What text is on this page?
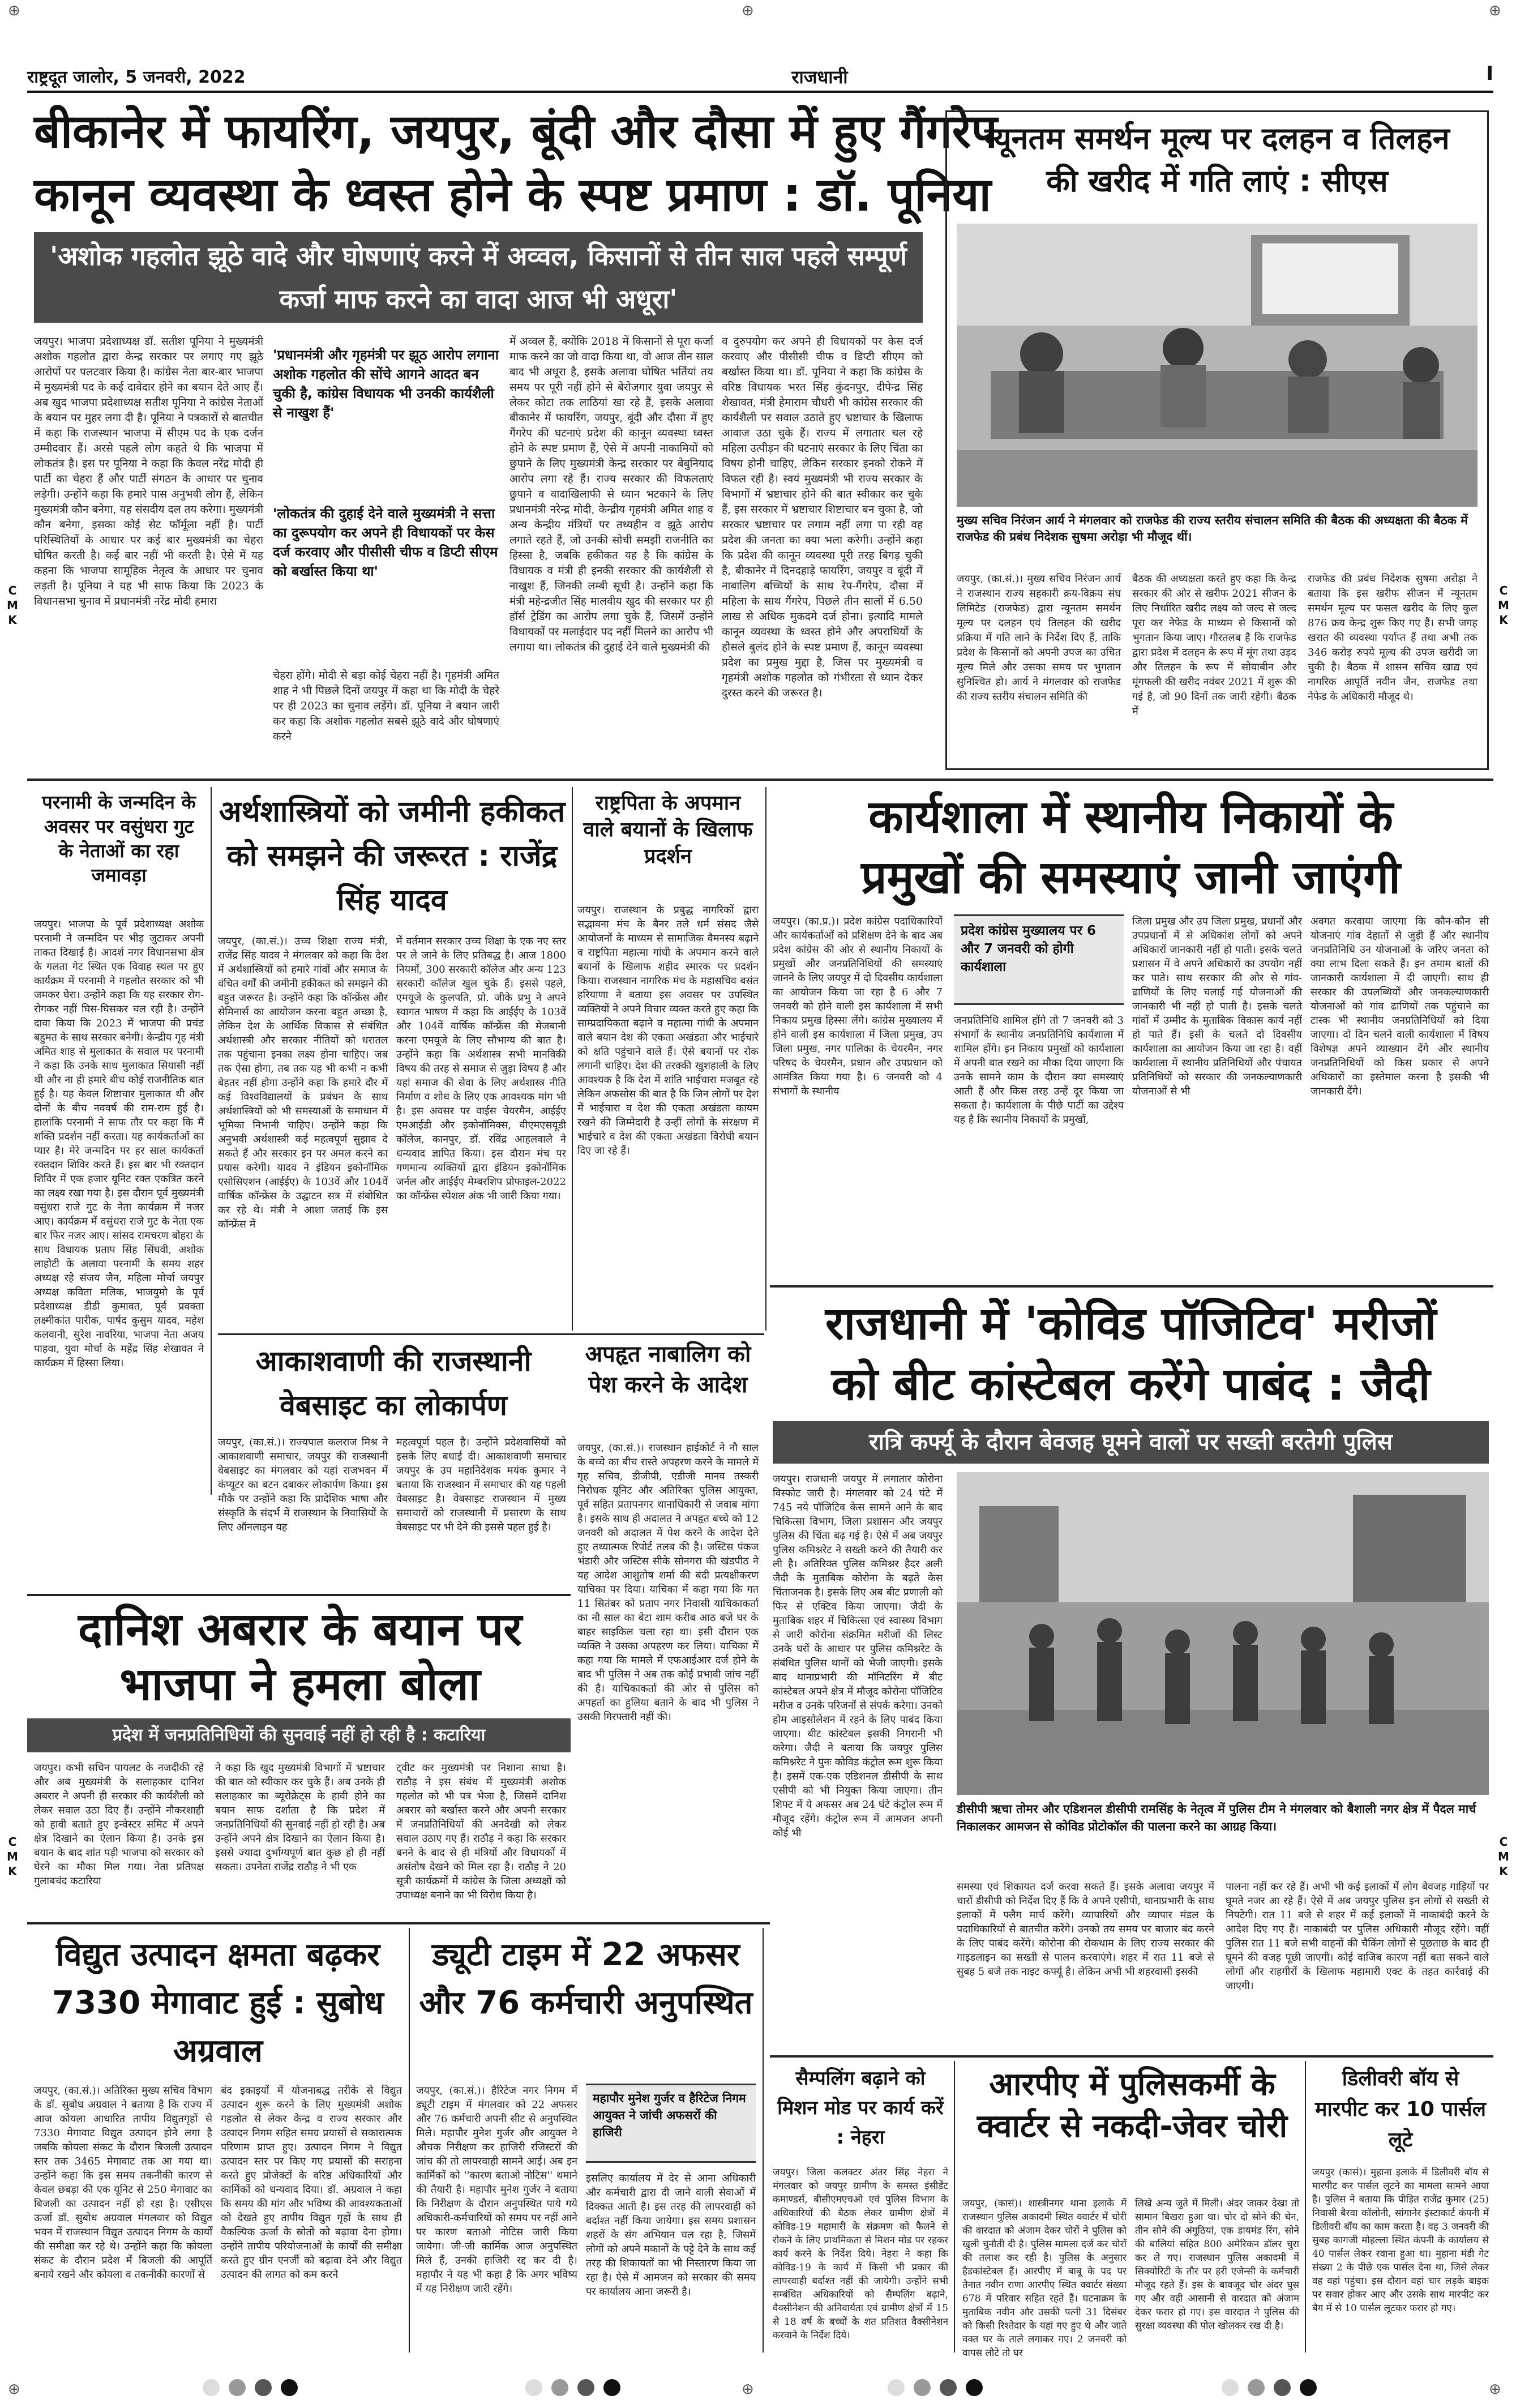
⊕	⊕	⊕
⊕	⊕	⊕
C
M
K
C
M
K
C
M
K
C
M
K
राष्ट्रदूत जालोर, 5 जनवरी, 2022	राजधानी	I
बीकानेर में फायरिंग, जयपुर, बूंदी और दौसा में हुए गैंगरेप
कानून व्यवस्था के ध्वस्त होने के स्पष्ट प्रमाण : डॉ. पूनिया
'अशोक गहलोत झूठे वादे और घोषणाएं करने में अव्वल, किसानों से तीन साल पहले सम्पूर्ण कर्जा माफ करने का वादा आज भी अधूरा'
जयपुर। भाजपा प्रदेशाध्यक्ष डॉ. सतीश पूनिया ने मुख्यमंत्री अशोक गहलोत द्वारा केन्द्र सरकार पर लगाए गए झूठे आरोपों पर पलटवार किया है। कांग्रेस नेता बार-बार भाजपा में मुख्यमंत्री पद के कई दावेदार होने का बयान देते आए हैं। अब खुद भाजपा प्रदेशाध्यक्ष सतीश पूनिया ने कांग्रेस नेताओं के बयान पर मुहर लगा दी है। पूनिया ने पत्रकारों से बातचीत में कहा कि राजस्थान भाजपा में सीएम पद के एक दर्जन उम्मीदवार हैं। अरसे पहले लोग कहते थे कि भाजपा में लोकतंत्र है। इस पर पूनिया ने कहा कि केवल नरेंद्र मोदी ही पार्टी का चेहरा हैं और पार्टी संगठन के आधार पर चुनाव लड़ेगी। उन्होंने कहा कि हमारे पास अनुभवी लोग हैं, लेकिन मुख्यमंत्री कौन बनेगा, यह संसदीय दल तय करेगा। मुख्यमंत्री कौन बनेगा, इसका कोई सेट फॉर्मूला नहीं है। पार्टी परिस्थितियों के आधार पर कई बार मुख्यमंत्री का चेहरा घोषित करती है। कई बार नहीं भी करती है। ऐसे में यह कहना कि भाजपा सामूहिक नेतृत्व के आधार पर चुनाव लड़ती है। पूनिया ने यह भी साफ किया कि 2023 के विधानसभा चुनाव में प्रधानमंत्री नरेंद्र मोदी हमारा
'प्रधानमंत्री और गृहमंत्री पर झूठ आरोप लगाना अशोक गहलोत की सोंचे आगने आदत बन चुकी है, कांग्रेस विधायक भी उनकी कार्यशैली से नाखुश हैं'
'लोकतंत्र की दुहाई देने वाले मुख्यमंत्री ने सत्ता का दुरूपयोग कर अपने ही विधायकों पर केस दर्ज करवाए और पीसीसी चीफ व डिप्टी सीएम को बर्खास्त किया था'
चेहरा होंगे। मोदी से बड़ा कोई चेहरा नहीं है। गृहमंत्री अमित शाह ने भी पिछले दिनों जयपुर में कहा था कि मोदी के चेहरे पर ही 2023 का चुनाव लड़ेंगे। डॉ. पूनिया ने बयान जारी कर कहा कि अशोक गहलोत सबसे झूठे वादे और घोषणाएं करने
में अव्वल हैं, क्योंकि 2018 में किसानों से पूरा कर्जा माफ करने का जो वादा किया था, वो आज तीन साल बाद भी अधूरा है, इसके अलावा घोषित भर्तियां तय समय पर पूरी नहीं होने से बेरोजगार युवा जयपुर से लेकर कोटा तक लाठियां खा रहे हैं, इसके अलावा बीकानेर में फायरिंग, जयपुर, बूंदी और दौसा में हुए गैंगरेप की घटनाएं प्रदेश की कानून व्यवस्था ध्वस्त होने के स्पष्ट प्रमाण हैं, ऐसे में अपनी नाकामियों को छुपाने के लिए मुख्यमंत्री केन्द्र सरकार पर बेबुनियाद आरोप लगा रहे हैं। राज्य सरकार की विफलताएं छुपाने व वादाखिलाफी से ध्यान भटकाने के लिए प्रधानमंत्री नरेन्द्र मोदी, केन्द्रीय गृहमंत्री अमित शाह व अन्य केन्द्रीय मंत्रियों पर तथ्यहीन व झूठे आरोप लगाते रहते हैं, जो उनकी सोची समझी राजनीति का हिस्सा है, जबकि हकीकत यह है कि कांग्रेस के विधायक व मंत्री ही इनकी सरकार की कार्यशैली से नाखुश हैं, जिनकी लम्बी सूची है। उन्होंने कहा कि मंत्री महेन्द्रजीत सिंह मालवीय खुद की सरकार पर ही हॉर्स ट्रेडिंग का आरोप लगा चुके हैं, जिसमें उन्होंने विधायकों पर मलाईदार पद नहीं मिलने का आरोप भी लगाया था। लोकतंत्र की दुहाई देने वाले मुख्यमंत्री की
व दुरुपयोग कर अपने ही विधायकों पर केस दर्ज करवाए और पीसीसी चीफ व डिप्टी सीएम को बर्खास्त किया था। डॉ. पूनिया ने कहा कि कांग्रेस के वरिष्ठ विधायक भरत सिंह कुंदनपुर, दीपेन्द्र सिंह शेखावत, मंत्री हेमाराम चौधरी भी कांग्रेस सरकार की कार्यशैली पर सवाल उठाते हुए भ्रष्टाचार के खिलाफ आवाज उठा चुके हैं। राज्य में लगातार चल रहे महिला उत्पीड़न की घटनाएं सरकार के लिए चिंता का विषय होनी चाहिए, लेकिन सरकार इनको रोकने में विफल रही है। स्वयं मुख्यमंत्री भी राज्य सरकार के विभागों में भ्रष्टाचार होने की बात स्वीकार कर चुके हैं, इस सरकार में भ्रष्टाचार शिष्टाचार बन चुका है, जो सरकार भ्रष्टाचार पर लगाम नहीं लगा पा रही वह प्रदेश की जनता का क्या भला करेगी। उन्होंने कहा कि प्रदेश की कानून व्यवस्था पूरी तरह बिगड़ चुकी है, बीकानेर में दिनदहाड़े फायरिंग, जयपुर व बूंदी में नाबालिग बच्चियों के साथ रेप-गैंगरेप, दौसा में महिला के साथ गैंगरेप, पिछले तीन सालों में 6.50 लाख से अधिक मुकदमे दर्ज होना। इत्यादि मामले कानून व्यवस्था के ध्वस्त होने और अपराधियों के हौसले बुलंद होने के स्पष्ट प्रमाण हैं, कानून व्यवस्था प्रदेश का प्रमुख मुद्दा है, जिस पर मुख्यमंत्री व गृहमंत्री अशोक गहलोत को गंभीरता से ध्यान देकर दुरस्त करने की जरूरत है।
न्यूनतम समर्थन मूल्य पर दलहन व तिलहन
की खरीद में गति लाएं : सीएस
मुख्य सचिव निरंजन आर्य ने मंगलवार को राजफेड की राज्य स्तरीय संचालन समिति की बैठक की अध्यक्षता की बैठक में राजफेड की प्रबंध निदेशक सुषमा अरोड़ा भी मौजूद थीं।
जयपुर, (का.सं.)। मुख्य सचिव निरंजन आर्य ने राजस्थान राज्य सहकारी क्रय-विक्रय संघ लिमिटेड (राजफेड) द्वारा न्यूनतम समर्थन मूल्य पर दलहन एवं तिलहन की खरीद प्रक्रिया में गति लाने के निर्देश दिए हैं, ताकि प्रदेश के किसानों को अपनी उपज का उचित मूल्य मिले और उसका समय पर भुगतान सुनिश्चित हो। आर्य ने मंगलवार को राजफेड की राज्य स्तरीय संचालन समिति की
बैठक की अध्यक्षता करते हुए कहा कि केन्द्र सरकार की ओर से खरीफ 2021 सीजन के लिए निर्धारित खरीद लक्ष्य को जल्द से जल्द पूरा कर नेफेड के माध्यम से किसानों को भुगतान किया जाए। गौरतलब है कि राजफेड द्वारा प्रदेश में दलहन के रूप में मूंग तथा उड़द और तिलहन के रूप में सोयाबीन और मूंगफली की खरीद नवंबर 2021 में शुरू की गई है, जो 90 दिनों तक जारी रहेगी। बैठक में
राजफेड की प्रबंध निदेशक सुषमा अरोड़ा ने बताया कि इस खरीफ सीजन में न्यूनतम समर्थन मूल्य पर फसल खरीद के लिए कुल 876 क्रय केन्द्र शुरू किए गए हैं। सभी जगह खरात की व्यवस्था पर्याप्त हैं तथा अभी तक 346 करोड़ रुपये मूल्य की उपज खरीदी जा चुकी है। बैठक में शासन सचिव खाद्य एवं नागरिक आपूर्ति नवीन जैन, राजफेड तथा नेफेड के अधिकारी मौजूद थे।
परनामी के जन्मदिन के अवसर पर वसुंधरा गुट के नेताओं का रहा जमावड़ा
जयपुर। भाजपा के पूर्व प्रदेशाध्यक्ष अशोक परनामी ने जन्मदिन पर भीड़ जुटाकर अपनी ताकत दिखाई है। आदर्श नगर विधानसभा क्षेत्र के गलता गेट स्थित एक विवाह स्थल पर हुए कार्यक्रम में परनामी ने गहलोत सरकार को भी जमकर घेरा। उन्होंने कहा कि यह सरकार रोग-रोगकर नहीं घिस-घिसकर चल रही है। उन्होंने दावा किया कि 2023 में भाजपा की प्रचंड बहुमत के साथ सरकार बनेगी। केन्द्रीय गृह मंत्री अमित शाह से मुलाकात के सवाल पर परनामी ने कहा कि उनके साथ मुलाकात सियासी नहीं थी और ना ही हमारे बीच कोई राजनीतिक बात हुई है। यह केवल शिष्टाचार मुलाकात थी और दोनों के बीच नववर्ष की राम-राम हुई है। हालांकि परनामी ने साफ तौर पर कहा कि मैं शक्ति प्रदर्शन नहीं करता। यह कार्यकर्ताओं का प्यार है। मेरे जन्मदिन पर हर साल कार्यकर्ता रक्तदान शिविर करते हैं। इस बार भी रक्तदान शिविर में एक हजार यूनिट रक्त एकत्रित करने का लक्ष्य रखा गया है। इस दौरान पूर्व मुख्यमंत्री वसुंधरा राजे गुट के नेता कार्यक्रम में नजर आए। कार्यक्रम में वसुंधरा राजे गुट के नेता एक बार फिर नजर आए। सांसद रामचरण बोहरा के साथ विधायक प्रताप सिंह सिंघवी, अशोक लाहोटी के अलावा परनामी के समय शहर अध्यक्ष रहे संजय जैन, महिला मोर्चा जयपुर अध्यक्ष कविता मलिक, भाजयुमो के पूर्व प्रदेशाध्यक्ष डीडी कुमावत, पूर्व प्रवक्ता लक्ष्मीकांत पारीक, पार्षद कुसुम यादव, महेश कलवानी, सुरेश नावरिया, भाजपा नेता अजय पाहवा, युवा मोर्चा के महेंद्र सिंह शेखावत ने कार्यक्रम में हिस्सा लिया।
अर्थशास्त्रियों को जमीनी हकीकत को समझने की जरूरत : राजेंद्र सिंह यादव
जयपुर, (का.सं.)। उच्च शिक्षा राज्य मंत्री, राजेंद्र सिंह यादव ने मंगलवार को कहा कि देश में अर्थशास्त्रियों को हमारे गांवों और समाज के वंचित वर्गों की जमीनी हकीकत को समझने की बहुत जरूरत है। उन्होंने कहा कि कॉन्फ्रेंस और सेमिनार्स का आयोजन करना बहुत अच्छा है, लेकिन देश के आर्थिक विकास से संबंधित अर्थशास्त्री और सरकार नीतियों को धरातल तक पहुंचाना इनका लक्ष्य होना चाहिए। जब तक ऐसा होगा, तब तक यह भी कभी न कभी बेहतर नहीं होगा उन्होंने कहा कि हमारे दौर में कई विश्वविद्यालयों के प्रबंधन के साथ अर्थशास्त्रियों को भी समस्याओं के समाधान में भूमिका निभानी चाहिए। उन्होंने कहा कि अनुभवी अर्थशास्त्री कई महत्वपूर्ण सुझाव दे सकते हैं और सरकार इन पर अमल करने का प्रयास करेगी। यादव ने इंडियन इकोनॉमिक एसोसिएशन (आईईए) के 103वें और 104वें वार्षिक कॉन्फ्रेंस के उद्घाटन सत्र में संबोधित कर रहे थे। मंत्री ने आशा जताई कि इस कॉन्फ्रेंस में
में वर्तमान सरकार उच्च शिक्षा के एक नए स्तर पर ले जाने के लिए प्रतिबद्ध है। आज 1800 नियमों, 300 सरकारी कॉलेज और अन्य 123 सरकारी कॉलेज खुल चुके हैं। इससे पहले, एमयूजे के कुलपति, प्रो. जीके प्रभु ने अपने स्वागत भाषण में कहा कि आईईए के 103वें और 104वें वार्षिक कॉन्फ्रेंस की मेजबानी करना एमयूजे के लिए सौभाग्य की बात है। उन्होंने कहा कि अर्थशास्त्र सभी मानविकी विषय की तरह से समाज से जुड़ा विषय है और यहां समाज की सेवा के लिए अर्थशास्त्र नीति निर्माण व शोध के लिए एक आवश्यक मांग भी है। इस अवसर पर वाईस चेयरमैन, आईईए एमआईडी और इकोनॉमिक्स, वीएमएसयूडी कॉलेज, कानपुर, डॉ. रविंद्र आहलवाले ने धन्यवाद ज्ञापित किया। इस दौरान मंच पर गणमान्य व्यक्तियों द्वारा इंडियन इकोनॉमिक जर्नल और आईईए मेम्बरशिप प्रोफाइल-2022 का कॉन्फ्रेंस स्पेशल अंक भी जारी किया गया।
राष्ट्रपिता के अपमान वाले बयानों के खिलाफ प्रदर्शन
जयपुर। राजस्थान के प्रबुद्ध नागरिकों द्वारा सद्भावना मंच के बैनर तले धर्म संसद जैसे आयोजनों के माध्यम से सामाजिक वैमनस्य बढ़ाने व राष्ट्रपिता महात्मा गांधी के अपमान करने वाले बयानों के खिलाफ शहीद स्मारक पर प्रदर्शन किया। राजस्थान नागरिक मंच के महासचिव बसंत हरियाणा ने बताया इस अवसर पर उपस्थित व्यक्तियों ने अपने विचार व्यक्त करते हुए कहा कि साम्प्रदायिकता बढ़ाने व महात्मा गांधी के अपमान वाले बयान देश की एकता अखंडता और भाईचारे को क्षति पहुंचाने वाले हैं। ऐसे बयानों पर रोक लगानी चाहिए। देश की तरक्की खुशहाली के लिए आवश्यक है कि देश में शांति भाईचारा मजबूत रहे लेकिन अफसोस की बात है कि जिन लोगों पर देश में भाईचारा व देश की एकता अखंडता कायम रखने की जिम्मेदारी है उन्हीं लोगों के संरक्षण में भाईचारे व देश की एकता अखंडता विरोधी बयान दिए जा रहे हैं।
कार्यशाला में स्थानीय निकायों के
प्रमुखों की समस्याएं जानी जाएंगी
जयपुर। (का.प्र.)। प्रदेश कांग्रेस पदाधिकारियों और कार्यकर्ताओं को प्रशिक्षण देने के बाद अब प्रदेश कांग्रेस की ओर से स्थानीय निकायों के प्रमुखों और जनप्रतिनिधियों की समस्याएं जानने के लिए जयपुर में दो दिवसीय कार्यशाला का आयोजन किया जा रहा है 6 और 7 जनवरी को होने वाली इस कार्यशाला में सभी निकाय प्रमुख हिस्सा लेंगे। कांग्रेस मुख्यालय में होने वाली इस कार्यशाला में जिला प्रमुख, उप जिला प्रमुख, नगर पालिका के चेयरमैन, नगर परिषद के चेयरमैन, प्रधान और उपप्रधान को आमंत्रित किया गया है। 6 जनवरी को 4 संभागों के स्थानीय
प्रदेश कांग्रेस मुख्यालय पर 6 और 7 जनवरी को होगी कार्यशाला
जनप्रतिनिधि शामिल होंगे तो 7 जनवरी को 3 संभागों के स्थानीय जनप्रतिनिधि कार्यशाला में शामिल होंगे। इन निकाय प्रमुखों को कार्यशाला में अपनी बात रखने का मौका दिया जाएगा कि उनके सामने काम के दौरान क्या समस्याएं आती हैं और किस तरह उन्हें दूर किया जा सकता है। कार्यशाला के पीछे पार्टी का उद्देश्य यह है कि स्थानीय निकायों के प्रमुखों,
जिला प्रमुख और उप जिला प्रमुख, प्रधानों और उपप्रधानों में से अधिकांश लोगों को अपने अधिकारों जानकारी नहीं हो पाती। इसके चलते प्रशासन में वे अपने अधिकारों का उपयोग नहीं कर पाते। साथ सरकार की ओर से गांव-ढाणियों के लिए चलाई गई योजनाओं की जानकारी भी नहीं हो पाती है। इसके चलते गांवों में उम्मीद के मुताबिक विकास कार्य नहीं हो पाते हैं। इसी के चलते दो दिवसीय कार्यशाला का आयोजन किया जा रहा है। वहीं कार्यशाला में स्थानीय प्रतिनिधियों और पंचायत प्रतिनिधियों को सरकार की जनकल्याणकारी योजनाओं से भी
अवगत करवाया जाएगा कि कौन-कौन सी योजनाएं गांव देहातों से जुड़ी हैं और स्थानीय जनप्रतिनिधि उन योजनाओं के जरिए जनता को क्या लाभ दिला सकते हैं। इन तमाम बातों की जानकारी कार्यशाला में दी जाएगी। साथ ही सरकार की उपलब्धियों और जनकल्याणकारी योजनाओं को गांव ढाणियों तक पहुंचाने का टास्क भी स्थानीय जनप्रतिनिधियों को दिया जाएगा। दो दिन चलने वाली कार्यशाला में विषय विशेषज्ञ अपने व्याख्यान देंगे और स्थानीय जनप्रतिनिधियों को किस प्रकार से अपने अधिकारों का इस्तेमाल करना है इसकी भी जानकारी देंगे।
आकाशवाणी की राजस्थानी वेबसाइट का लोकार्पण
जयपुर, (का.सं.)। राज्यपाल कलराज मिश्र ने आकाशवाणी समाचार, जयपुर की राजस्थानी वेबसाइट का मंगलवार को यहां राजभवन में कंप्यूटर का बटन दबाकर लोकार्पण किया। इस मौके पर उन्होंने कहा कि प्रादेशिक भाषा और संस्कृति के संदर्भ में राजस्थान के निवासियों के लिए ऑनलाइन यह
महत्वपूर्ण पहल है। उन्होंने प्रदेशवासियों को इसके लिए बधाई दी। आकाशवाणी समाचार जयपुर के उप महानिदेशक मयंक कुमार ने बताया कि राजस्थान में समाचार की यह पहली वेबसाइट है। वेबसाइट राजस्थान में मुख्य समाचारों को राजस्थानी में प्रसारण के साथ वेबसाइट पर भी देने की इससे पहल हुई है।
अपहृत नाबालिग को पेश करने के आदेश
जयपुर, (का.सं.)। राजस्थान हाईकोर्ट ने नौ साल के बच्चे का बीच रास्ते अपहरण करने के मामले में गृह सचिव, डीजीपी, एडीजी मानव तस्करी निरोधक यूनिट और अतिरिक्त पुलिस आयुक्त, पूर्व सहित प्रतापनगर थानाधिकारी से जवाब मांगा है। इसके साथ ही अदालत ने अपहृत बच्चे को 12 जनवरी को अदालत में पेश करने के आदेश देते हुए तथ्यात्मक रिपोर्ट तलब की है। जस्टिस पंकज भंडारी और जस्टिस सीके सोनगरा की खंडपीठ ने यह आदेश आशुतोष शर्मा की बंदी प्रत्यक्षीकरण याचिका पर दिया। याचिका में कहा गया कि गत 11 सितंबर को प्रताप नगर निवासी याचिकाकर्ता का नौ साल का बेटा शाम करीब आठ बजे घर के बाहर साइकिल चला रहा था। इसी दौरान एक व्यक्ति ने उसका अपहरण कर लिया। याचिका में कहा गया कि मामले में एफआईआर दर्ज होने के बाद भी पुलिस ने अब तक कोई प्रभावी जांच नहीं की है। याचिकाकर्ता की ओर से पुलिस को अपहर्ता का हुलिया बताने के बाद भी पुलिस ने उसकी गिरफ्तारी नहीं की।
राजधानी में 'कोविड पॉजिटिव' मरीजों
को बीट कांस्टेबल करेंगे पाबंद : जैदी
रात्रि कर्फ्यू के दौरान बेवजह घूमने वालों पर सख्ती बरतेगी पुलिस
जयपुर। राजधानी जयपुर में लगातार कोरोना विस्फोट जारी है। मंगलवार को 24 घंटे में 745 नये पॉजिटिव केस सामने आने के बाद चिकित्सा विभाग, जिला प्रशासन और जयपुर पुलिस की चिंता बढ़ गई है। ऐसे में अब जयपुर पुलिस कमिश्नरेट ने सख्ती करने की तैयारी कर ली है। अतिरिक्त पुलिस कमिश्नर हैदर अली जैदी के मुताबिक कोरोना के बढ़ते केस चिंताजनक है। इसके लिए अब बीट प्रणाली को फिर से एक्टिव किया जाएगा। जैदी के मुताबिक शहर में चिकित्सा एवं स्वास्थ्य विभाग से जारी कोरोना संक्रमित मरीजों की लिस्ट उनके घरों के आधार पर पुलिस कमिश्नरेट के संबंधित पुलिस थानों को भेजी जाएगी। इसके बाद थानाप्रभारी की मॉनिटरिंग में बीट कांस्टेबल अपने क्षेत्र में मौजूद कोरोना पॉजिटिव मरीज व उनके परिजनों से संपर्क करेगा। उनको होम आइसोलेशन में रहने के लिए पाबंद किया जाएगा। बीट कांस्टेबल इसकी निगरानी भी करेगा। जैदी ने बताया कि जयपुर पुलिस कमिश्नरेट ने पुनः कोविड कंट्रोल रूम शुरू किया है। इसमें एक-एक एडिशनल डीसीपी के साथ एसीपी को भी नियुक्त किया जाएगा। तीन शिफ्ट में ये अफसर अब 24 घंटे कंट्रोल रूम में मौजूद रहेंगे। कंट्रोल रूम में आमजन अपनी कोई भी
डीसीपी ऋचा तोमर और एडिशनल डीसीपी रामसिंह के नेतृत्व में पुलिस टीम ने मंगलवार को बैशाली नगर क्षेत्र में पैदल मार्च निकालकर आमजन से कोविड प्रोटोकॉल की पालना करने का आग्रह किया।
समस्या एवं शिकायत दर्ज करवा सकते हैं। इसके अलावा जयपुर में चारों डीसीपी को निर्देश दिए हैं कि वे अपने एसीपी, थानाप्रभारी के साथ इलाकों में फ्लैग मार्च करेंगे। व्यापारियों और व्यापार मंडल के पदाधिकारियों से बातचीत करेंगे। उनको तय समय पर बाजार बंद करने के लिए पाबंद करेंगे। कोरोना की रोकथाम के लिए राज्य सरकार की गाइडलाइन का सख्ती से पालन करवाएंगे। शहर में रात 11 बजे से सुबह 5 बजे तक नाइट कर्फ्यू है। लेकिन अभी भी शहरवासी इसकी
पालना नहीं कर रहे हैं। अभी भी कई इलाकों में लोग बेवजह गाड़ियों पर घूमते नजर आ रहे हैं। ऐसे में अब जयपुर पुलिस इन लोगों से सख्ती से निपटेगी। रात 11 बजे से शहर में कई इलाकों में नाकाबंदी करने के आदेश दिए गए हैं। नाकाबंदी पर पुलिस अधिकारी मौजूद रहेंगे। वहीं पुलिस रात 11 बजे सभी वाहनों की चैकिंग लोगों से पूछताछ के बाद ही घूमने की वजह पूछी जाएगी। कोई वाजिब कारण नहीं बता सकने वाले लोगों और राहगीरों के खिलाफ महामारी एक्ट के तहत कार्रवाई की जाएगी।
दानिश अबरार के बयान पर
भाजपा ने हमला बोला
प्रदेश में जनप्रतिनिधियों की सुनवाई नहीं हो रही है : कटारिया
जयपुर। कभी सचिन पायलट के नजदीकी रहे और अब मुख्यमंत्री के सलाहकार दानिश अबरार ने अपनी ही सरकार की कार्यशैली को लेकर सवाल उठा दिए हैं। उन्होंने नौकरशाही को हावी बताते हुए इन्वेस्टर समिट में अपने क्षेत्र दिखाने का ऐलान किया है। उनके इस बयान के बाद शांत पड़ी भाजपा को सरकार को घेरने का मौका मिल गया। नेता प्रतिपक्ष गुलाबचंद कटारिया
ने कहा कि खुद मुख्यमंत्री विभागों में भ्रष्टाचार की बात को स्वीकार कर चुके हैं। अब उनके ही सलाहकार का ब्यूरोक्रेट्स के हावी होने का बयान साफ दर्शाता है कि प्रदेश में जनप्रतिनिधियों की सुनवाई नहीं हो रही है। अब उन्होंने अपने क्षेत्र दिखाने का ऐलान किया है। इससे ज्यादा दुर्भाग्यपूर्ण बात कुछ हो ही नहीं सकता। उपनेता राजेंद्र राठौड़ ने भी एक
ट्वीट कर मुख्यमंत्री पर निशाना साधा है। राठौड़ ने इस संबंध में मुख्यमंत्री अशोक गहलोत को भी पत्र भेजा है, जिसमें दानिश अबरार को बर्खास्त करने और अपनी सरकार में जनप्रतिनिधियों की अनदेखी को लेकर सवाल उठाए गए हैं। राठौड़ ने कहा कि सरकार बनने के बाद से ही मंत्रियों और विधायकों में असंतोष देखने को मिल रहा है। राठौड़ ने 20 सूत्री कार्यक्रमों में कांग्रेस के जिला अध्यक्षों को उपाध्यक्ष बनाने का भी विरोध किया है।
विद्युत उत्पादन क्षमता बढ़कर 7330 मेगावाट हुई : सुबोध अग्रवाल
जयपुर, (का.सं.)। अतिरिक्त मुख्य सचिव विभाग के डॉ. सुबोध अग्रवाल ने बताया है कि राज्य में आज कोयला आधारित तापीय विद्युतगृहों से 7330 मेगावाट विद्युत उत्पादन होने लगा है जबकि कोयला संकट के दौरान बिजली उत्पादन स्तर तक 3465 मेगावाट तक आ गया था। उन्होंने कहा कि इस समय तकनीकी कारण से केवल छबड़ा की एक यूनिट से 250 मेगावाट का बिजली का उत्पादन नहीं हो रहा है। एसीएस ऊर्जा डॉ. सुबोध अग्रवाल मंगलवार को विद्युत भवन में राजस्थान विद्युत उत्पादन निगम के कार्यों की समीक्षा कर रहे थे। उन्होंने कहा कि कोयला संकट के दौरान प्रदेश में बिजली की आपूर्ति बनाये रखने और कोयला व तकनीकी कारणों से
बंद इकाइयों में योजनाबद्ध तरीके से विद्युत उत्पादन शुरू करने के लिए मुख्यमंत्री अशोक गहलोत से लेकर केन्द्र व राज्य सरकार और उत्पादन निगम सहित समग्र प्रयासों से सकारात्मक परिणाम प्राप्त हुए। उत्पादन निगम ने विद्युत उत्पादन स्तर पर किए गए प्रयासों की सराहना करते हुए प्रोजेक्टों के वरिष्ठ अधिकारियों और कार्मिकों को धन्यवाद दिया। डॉ. अग्रवाल ने कहा कि समय की मांग और भविष्य की आवश्यकताओं को देखते हुए तापीय विद्युत गृहों के साथ ही वैकल्पिक ऊर्जा के स्रोतों को बढ़ावा देना होगा। उन्होंने तापीय परियोजनाओं के कार्यों की समीक्षा करते हुए ग्रीन एनर्जी को बढ़ावा देने और विद्युत उत्पादन की लागत को कम करने
ड्यूटी टाइम में 22 अफसर और 76 कर्मचारी अनुपस्थित
जयपुर, (का.सं.)। हैरिटेज नगर निगम में ड्यूटी टाइम में मंगलवार को 22 अफसर और 76 कर्मचारी अपनी सीट से अनुपस्थित मिले। महापौर मुनेश गुर्जर और आयुक्त ने औचक निरीक्षण कर हाजिरी रजिस्टरों की जांच की तो लापरवाही सामने आई। अब इन कार्मिकों को ''कारण बताओ नोटिस'' थमाने की तैयारी है। महापौर मुनेश गुर्जर ने बताया कि निरीक्षण के दौरान अनुपस्थित पाये गये अधिकारी-कर्मचारियों को समय पर नहीं आने पर कारण बताओ नोटिस जारी किया जायेगा। जी-जी कार्मिक आज अनुपस्थित मिले हैं, उनकी हाजिरी रद्द कर दी है। महापौर ने यह भी कहा है कि अगर भविष्य में यह निरीक्षण जारी रहेंगे।
महापौर मुनेश गुर्जर व हैरिटेज निगम आयुक्त ने जांची अफसरों की हाजिरी
इसलिए कार्यालय में देर से आना अधिकारी और कर्मचारी द्वारा दी जाने वाली सेवाओं में दिक्कत आती है। इस तरह की लापरवाही को बर्दाश्त नहीं किया जायेगा। इस समय प्रशासन शहरों के संग अभियान चल रहा है, जिसमें लोगों को अपने मकानों के पट्टे देने के साथ कई तरह की शिकायतों का भी निस्तारण किया जा रहा है। ऐसे में आमजन को सरकार की समय पर कार्यालय आना जरूरी है।
सैम्पलिंग बढ़ाने को मिशन मोड पर कार्य करें : नेहरा
जयपुर। जिला कलक्टर अंतर सिंह नेहरा ने मंगलवार को जयपुर ग्रामीण के समस्त इंसीडेंट कमाण्डर्स, बीसीएमएचओ एवं पुलिस विभाग के अधिकारियों की बैठक लेकर ग्रामीण क्षेत्रों में कोविड-19 महामारी के संक्रमण को फैलने से रोकने के लिए प्राथमिकता से मिशन मोड पर रहकर कार्य करने के निर्देश दिये। नेहरा ने कहा कि कोविड-19 के कार्य में किसी भी प्रकार की लापरवाही बर्दाश्त नहीं की जायेगी। उन्होंने सभी सम्बंधित अधिकारियों को सैम्पलिंग बढ़ाने, वैक्सीनेशन की अनिवार्यता एवं ग्रामीण क्षेत्रों में 15 से 18 वर्ष के बच्चों के शत प्रतिशत वैक्सीनेशन करवाने के निर्देश दिये।
आरपीए में पुलिसकर्मी के क्वार्टर से नकदी-जेवर चोरी
जयपुर, (कासं)। शास्त्रीनगर थाना इलाके में राजस्थान पुलिस अकादमी स्थित क्वार्टर में चोरी की वारदात को अंजाम देकर चोरों ने पुलिस को खुली चुनौती दी है। पुलिस मामला दर्ज कर चोरों की तलाश कर रही है। पुलिस के अनुसार हैडकांस्टेबल हैं। आरपीए में बाबू के पद पर तैनात नवीन राणा आरपीए स्थित क्वार्टर संख्या 678 में परिवार सहित रहते हैं। घटनाक्रम के मुताबिक नवीन और उसकी पत्नी 31 दिसंबर को किसी रिश्तेदार के यहां गए हुए थे और जाते वक्त घर के ताले लगाकर गए। 2 जनवरी को वापस लौटे तो घर
लिखे अन्य जुते में मिली। अंदर जाकर देखा तो सामान बिखरा हुआ था। चोर दो सोने की चेन, तीन सोने की अंगूठियां, एक डायमंड रिंग, सोने की बालियां सहित 800 अमेरिकन डॉलर चुरा कर ले गए। राजस्थान पुलिस अकादमी में सिक्योरिटी के तौर पर हरी एजेन्सी के कर्मचारी मौजूद रहते हैं। इस के बावजूद चोर अंदर घुस गए और वही आसानी से वारदात को अंजाम देकर फरार हो गए। इस वारदात ने पुलिस की सुरक्षा व्यवस्था की पोल खोलकर रख दी है।
डिलीवरी बॉय से मारपीट कर 10 पार्सल लूटे
जयपुर (कासं)। मुहाना इलाके में डिलीवरी बॉय से मारपीट कर पार्सल लूटने का मामला सामने आया है। पुलिस ने बताया कि पीड़ित राजेंद्र कुमार (25) निवासी बैरवा कॉलोनी, सांगानेर इंस्टाकार्ट कंपनी में डिलीवरी बॉय का काम करता है। वह 3 जनवरी की सुबह कागजी मोहल्ला स्थित कंपनी के कार्यालय से 40 पार्सल लेकर रवाना हुआ था। मुहाना मंडी गेट संख्या 2 के पीछे एक पार्सल देना था, जिसे लेकर वह वहां पहुंचा। इस दौरान वहां चार लड़के बाइक पर सवार होकर आए और उसके साथ मारपीट कर बैग में से 10 पार्सल लूटकर फरार हो गए।
